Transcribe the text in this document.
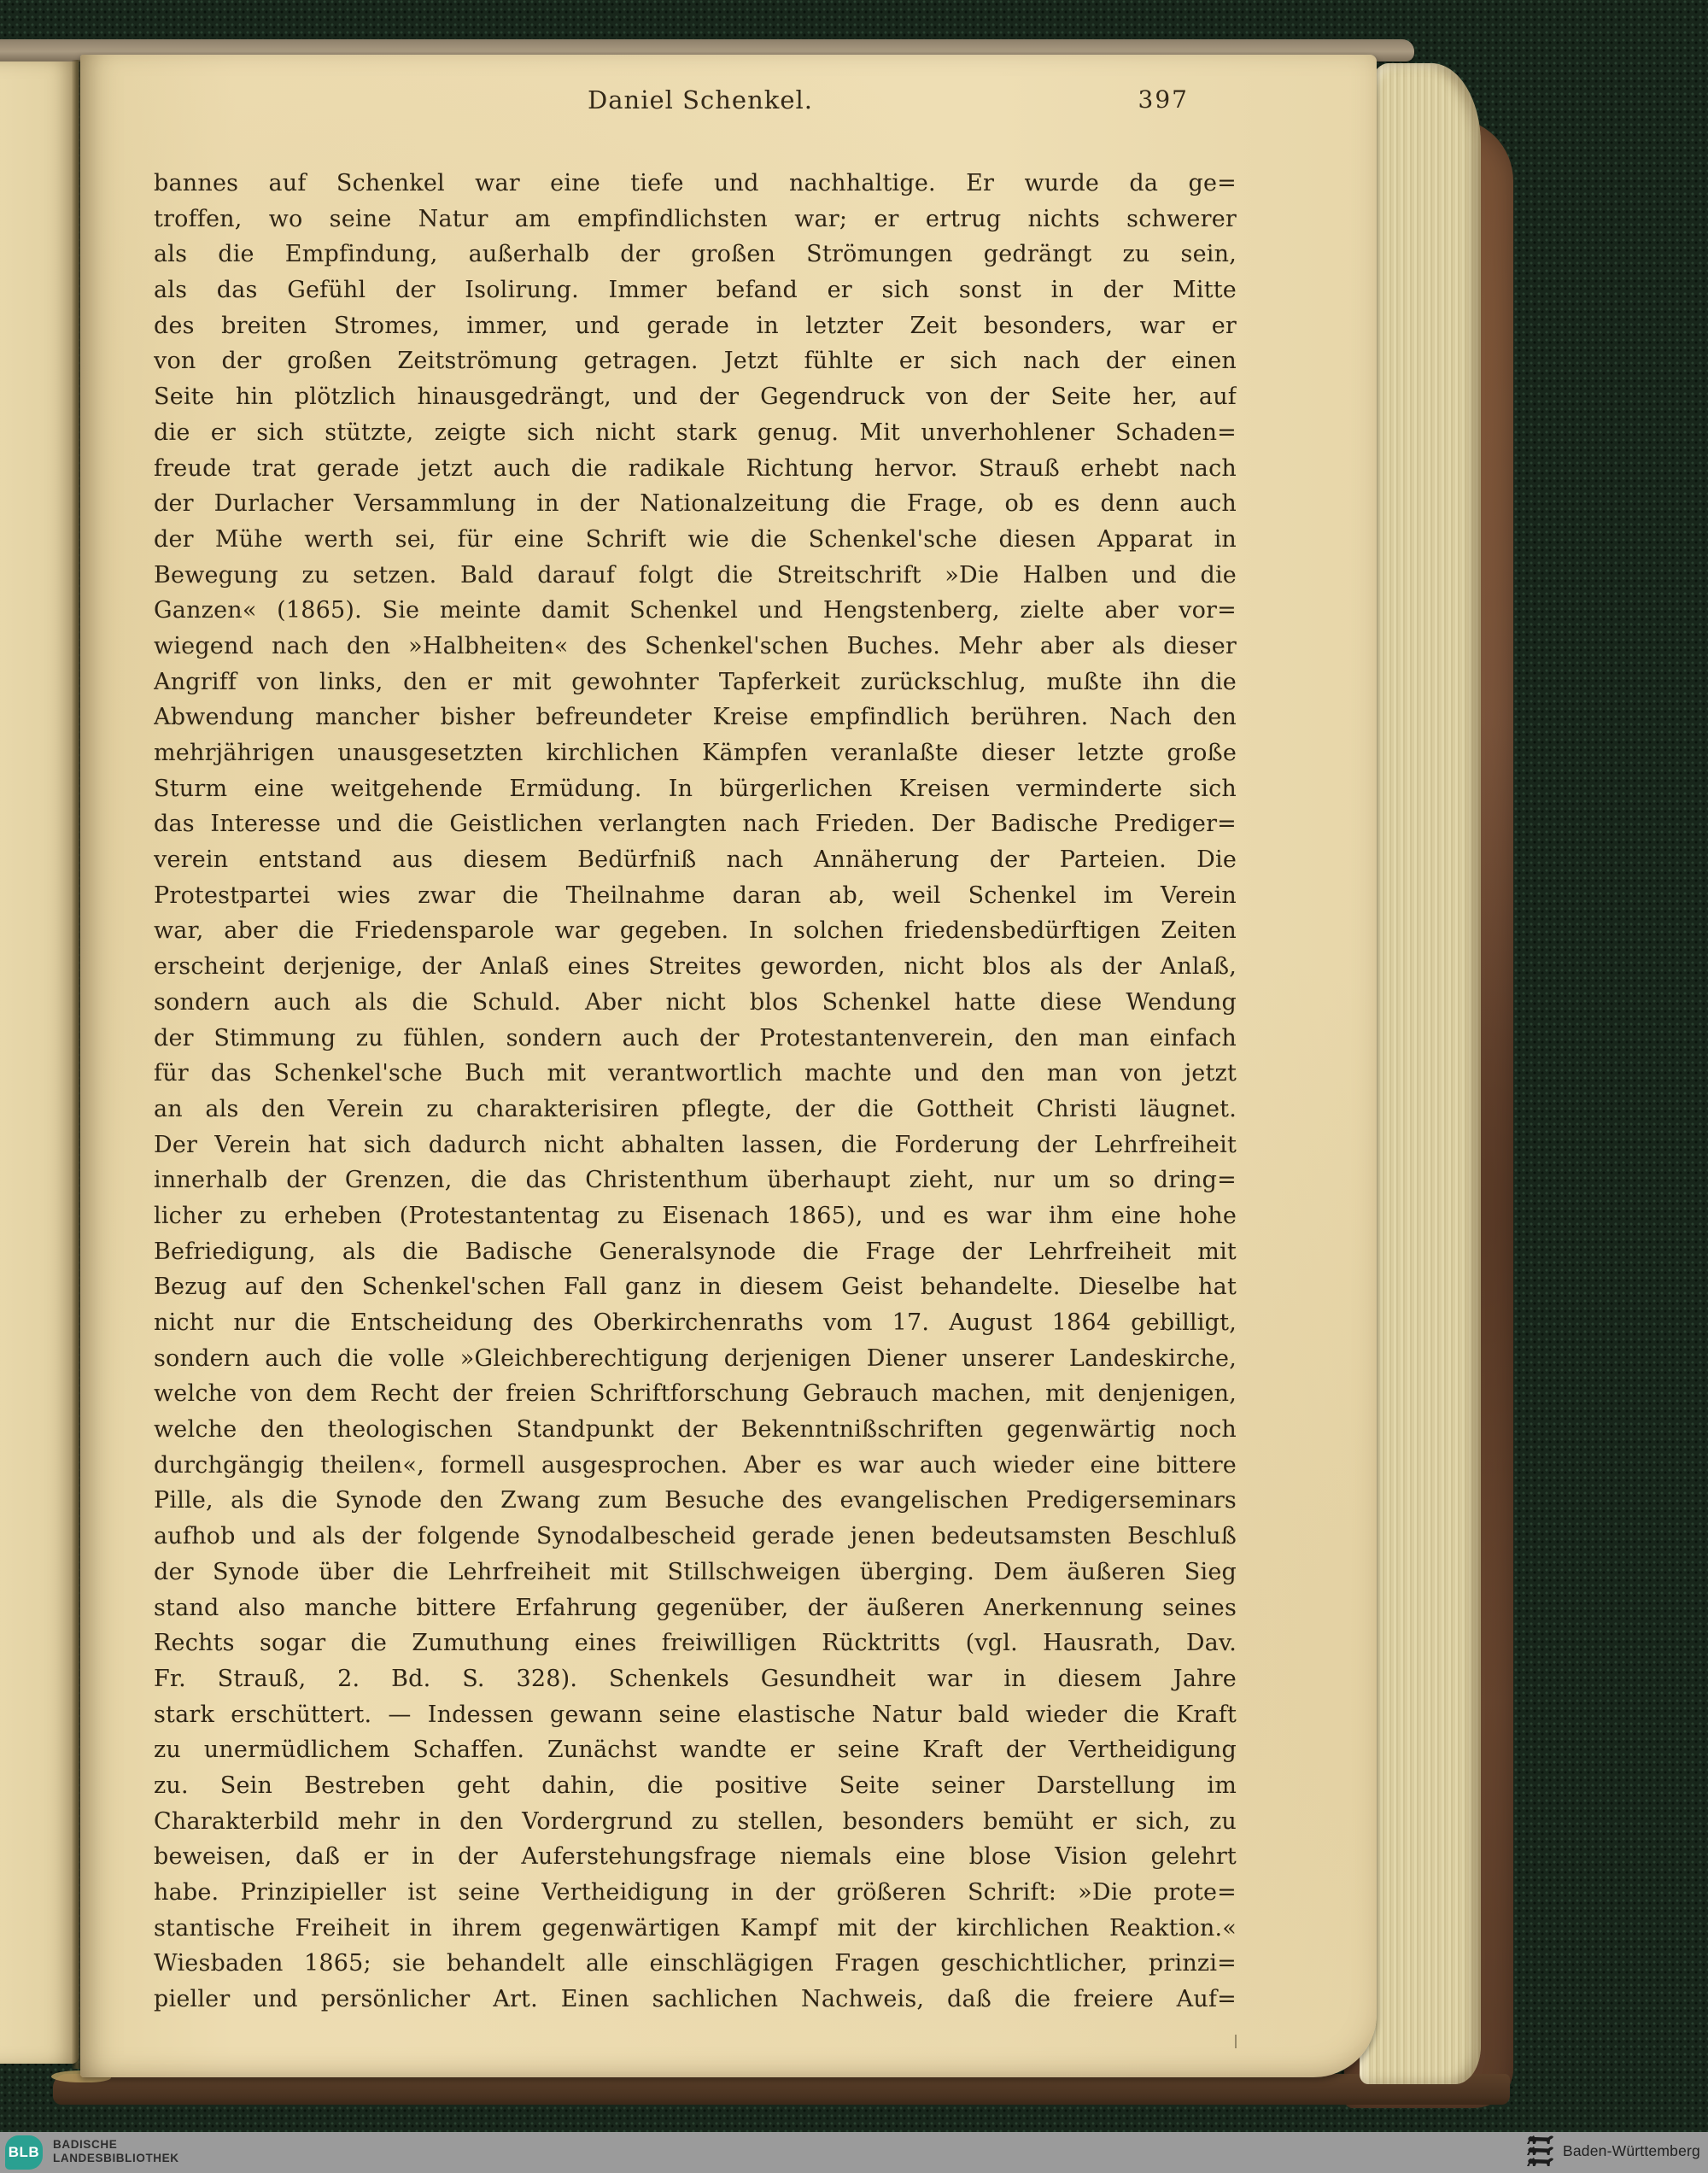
Daniel Schenkel.	397
bannes auf Schenkel war eine tiefe und nachhaltige. Er wurde da ge=
troffen, wo seine Natur am empfindlichsten war; er ertrug nichts schwerer
als die Empfindung, außerhalb der großen Strömungen gedrängt zu sein,
als das Gefühl der Isolirung. Immer befand er sich sonst in der Mitte
des breiten Stromes, immer, und gerade in letzter Zeit besonders, war er
von der großen Zeitströmung getragen. Jetzt fühlte er sich nach der einen
Seite hin plötzlich hinausgedrängt, und der Gegendruck von der Seite her, auf
die er sich stützte, zeigte sich nicht stark genug. Mit unverhohlener Schaden=
freude trat gerade jetzt auch die radikale Richtung hervor. Strauß erhebt nach
der Durlacher Versammlung in der Nationalzeitung die Frage, ob es denn auch
der Mühe werth sei, für eine Schrift wie die Schenkel'sche diesen Apparat in
Bewegung zu setzen. Bald darauf folgt die Streitschrift »Die Halben und die
Ganzen« (1865). Sie meinte damit Schenkel und Hengstenberg, zielte aber vor=
wiegend nach den »Halbheiten« des Schenkel'schen Buches. Mehr aber als dieser
Angriff von links, den er mit gewohnter Tapferkeit zurückschlug, mußte ihn die
Abwendung mancher bisher befreundeter Kreise empfindlich berühren. Nach den
mehrjährigen unausgesetzten kirchlichen Kämpfen veranlaßte dieser letzte große
Sturm eine weitgehende Ermüdung. In bürgerlichen Kreisen verminderte sich
das Interesse und die Geistlichen verlangten nach Frieden. Der Badische Prediger=
verein entstand aus diesem Bedürfniß nach Annäherung der Parteien. Die
Protestpartei wies zwar die Theilnahme daran ab, weil Schenkel im Verein
war, aber die Friedensparole war gegeben. In solchen friedensbedürftigen Zeiten
erscheint derjenige, der Anlaß eines Streites geworden, nicht blos als der Anlaß,
sondern auch als die Schuld. Aber nicht blos Schenkel hatte diese Wendung
der Stimmung zu fühlen, sondern auch der Protestantenverein, den man einfach
für das Schenkel'sche Buch mit verantwortlich machte und den man von jetzt
an als den Verein zu charakterisiren pflegte, der die Gottheit Christi läugnet.
Der Verein hat sich dadurch nicht abhalten lassen, die Forderung der Lehrfreiheit
innerhalb der Grenzen, die das Christenthum überhaupt zieht, nur um so dring=
licher zu erheben (Protestantentag zu Eisenach 1865), und es war ihm eine hohe
Befriedigung, als die Badische Generalsynode die Frage der Lehrfreiheit mit
Bezug auf den Schenkel'schen Fall ganz in diesem Geist behandelte. Dieselbe hat
nicht nur die Entscheidung des Oberkirchenraths vom 17. August 1864 gebilligt,
sondern auch die volle »Gleichberechtigung derjenigen Diener unserer Landeskirche,
welche von dem Recht der freien Schriftforschung Gebrauch machen, mit denjenigen,
welche den theologischen Standpunkt der Bekenntnißschriften gegenwärtig noch
durchgängig theilen«, formell ausgesprochen. Aber es war auch wieder eine bittere
Pille, als die Synode den Zwang zum Besuche des evangelischen Predigerseminars
aufhob und als der folgende Synodalbescheid gerade jenen bedeutsamsten Beschluß
der Synode über die Lehrfreiheit mit Stillschweigen überging. Dem äußeren Sieg
stand also manche bittere Erfahrung gegenüber, der äußeren Anerkennung seines
Rechts sogar die Zumuthung eines freiwilligen Rücktritts (vgl. Hausrath, Dav.
Fr. Strauß, 2. Bd. S. 328). Schenkels Gesundheit war in diesem Jahre
stark erschüttert. — Indessen gewann seine elastische Natur bald wieder die Kraft
zu unermüdlichem Schaffen. Zunächst wandte er seine Kraft der Vertheidigung
zu. Sein Bestreben geht dahin, die positive Seite seiner Darstellung im
Charakterbild mehr in den Vordergrund zu stellen, besonders bemüht er sich, zu
beweisen, daß er in der Auferstehungsfrage niemals eine blose Vision gelehrt
habe. Prinzipieller ist seine Vertheidigung in der größeren Schrift: »Die prote=
stantische Freiheit in ihrem gegenwärtigen Kampf mit der kirchlichen Reaktion.«
Wiesbaden 1865; sie behandelt alle einschlägigen Fragen geschichtlicher, prinzi=
pieller und persönlicher Art. Einen sachlichen Nachweis, daß die freiere Auf=
BLB BADISCHE
LANDESBIBLIOTHEK	Baden-Württemberg
